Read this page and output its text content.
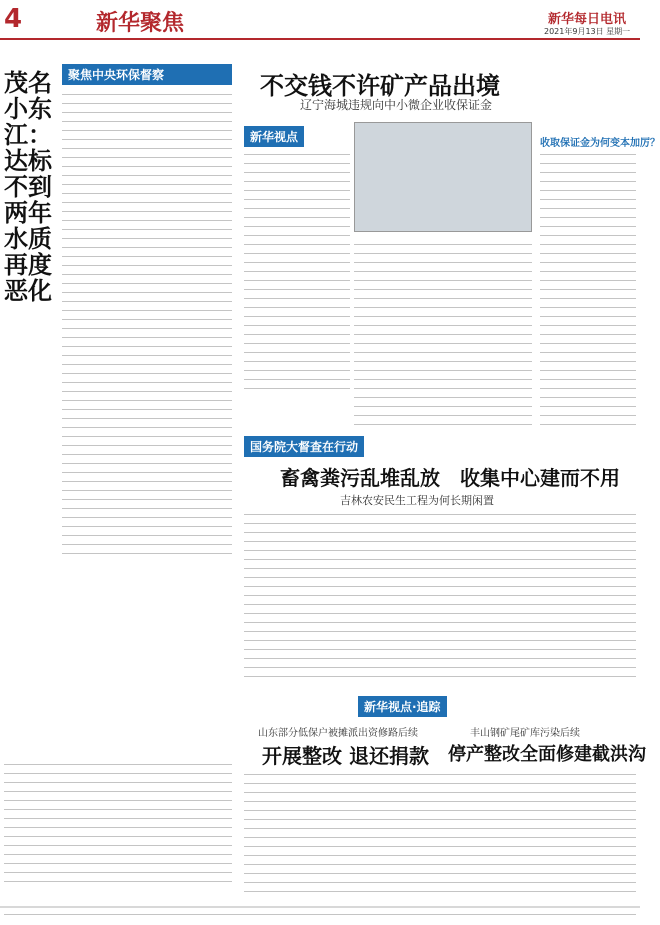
4	新华聚焦	新华每日电讯
2021年9月13日 星期一
聚焦中央环保督察
茂名小东江：达标不到两年水质再度恶化
不交钱不许矿产品出境
辽宁海城违规向中小微企业收保证金
新华视点	收取保证金为何变本加厉？
国务院大督查在行动
畜禽粪污乱堆乱放　收集中心建而不用
吉林农安民生工程为何长期闲置
新华视点·追踪
山东部分低保户被摊派出资修路后续
开展整改 退还捐款
丰山钢矿尾矿库污染后续
停产整改全面修建截洪沟
